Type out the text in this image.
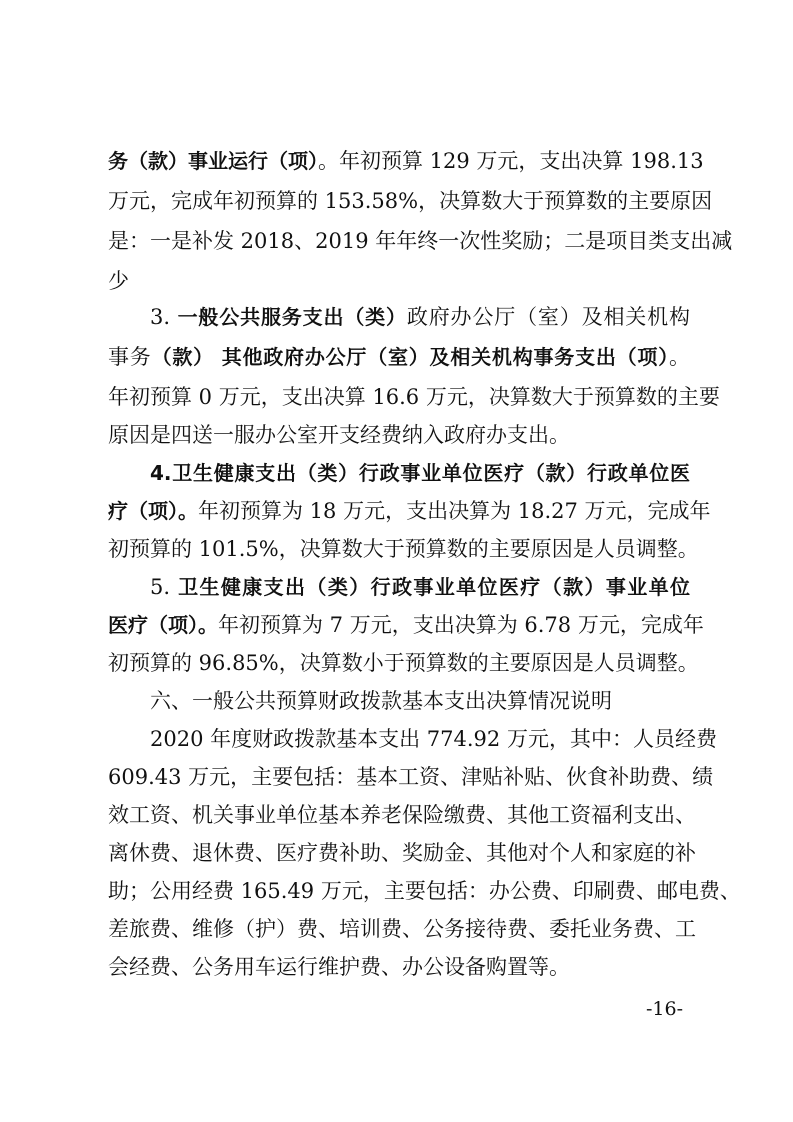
务（款）事业运行（项）。年初预算 129 万元，支出决算 198.13
万元，完成年初预算的 153.58%，决算数大于预算数的主要原因
是：一是补发 2018、2019 年年终一次性奖励；二是项目类支出减
少
3. 一般公共服务支出（类）政府办公厅（室）及相关机构
事务（款） 其他政府办公厅（室）及相关机构事务支出（项）。
年初预算 0 万元，支出决算 16.6 万元，决算数大于预算数的主要
原因是四送一服办公室开支经费纳入政府办支出。
4.卫生健康支出（类）行政事业单位医疗（款）行政单位医
疗（项）。年初预算为 18 万元，支出决算为 18.27 万元，完成年
初预算的 101.5%，决算数大于预算数的主要原因是人员调整。
5. 卫生健康支出（类）行政事业单位医疗（款）事业单位
医疗（项）。年初预算为 7 万元，支出决算为 6.78 万元，完成年
初预算的 96.85%，决算数小于预算数的主要原因是人员调整。
六、一般公共预算财政拨款基本支出决算情况说明
2020 年度财政拨款基本支出 774.92 万元，其中：人员经费
609.43 万元，主要包括：基本工资、津贴补贴、伙食补助费、绩
效工资、机关事业单位基本养老保险缴费、其他工资福利支出、
离休费、退休费、医疗费补助、奖励金、其他对个人和家庭的补
助；公用经费 165.49 万元，主要包括：办公费、印刷费、邮电费、
差旅费、维修（护）费、培训费、公务接待费、委托业务费、工
会经费、公务用车运行维护费、办公设备购置等。
-16-
